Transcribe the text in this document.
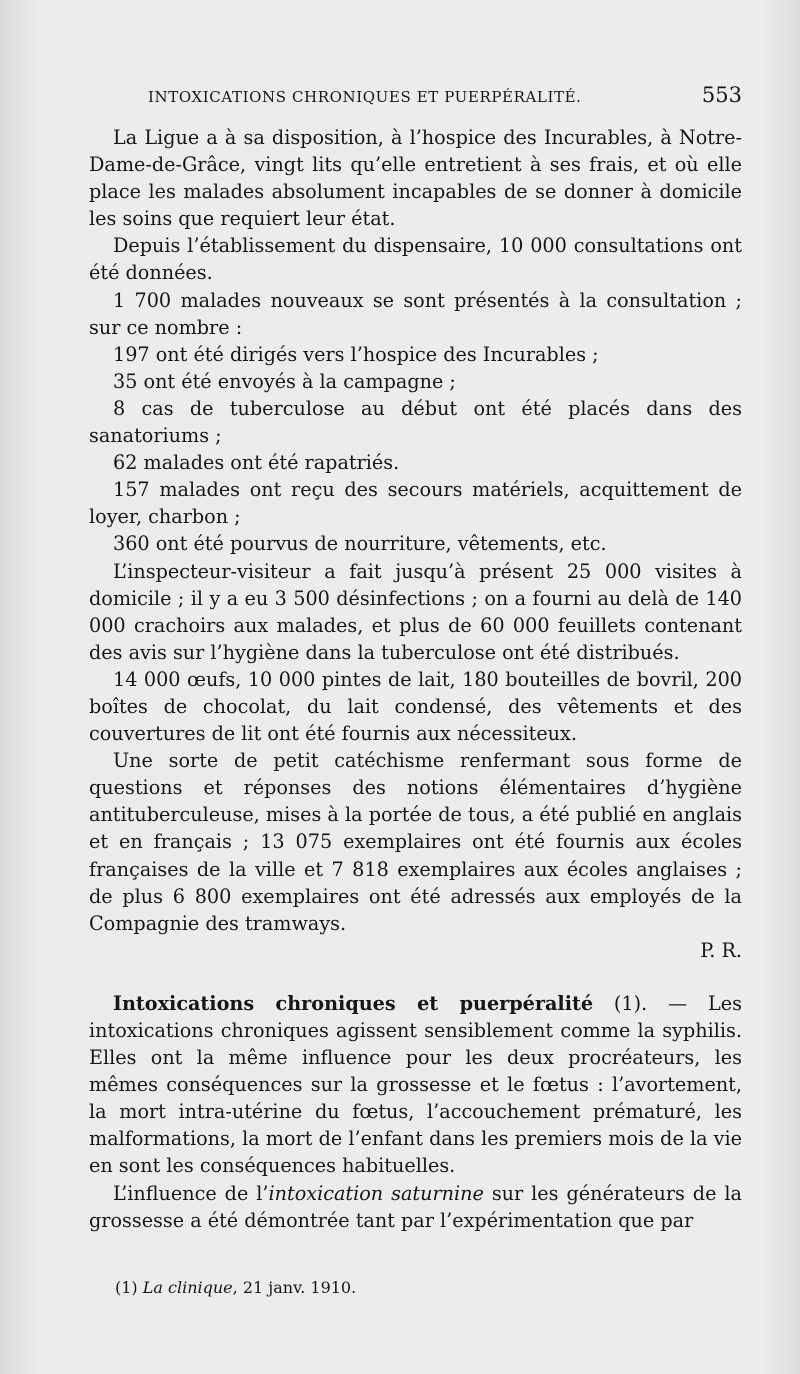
INTOXICATIONS CHRONIQUES ET PUERPÉRALITÉ.	553

La Ligue a à sa disposition, à l’hospice des Incurables, à Notre-Dame-de-Grâce, vingt lits qu’elle entretient à ses frais, et où elle place les malades absolument incapables de se donner à domicile les soins que requiert leur état.

Depuis l’établissement du dispensaire, 10 000 consultations ont été données.

1 700 malades nouveaux se sont présentés à la consultation ; sur ce nombre :

197 ont été dirigés vers l’hospice des Incurables ;

35 ont été envoyés à la campagne ;

8 cas de tuberculose au début ont été placés dans des sanatoriums ;

62 malades ont été rapatriés.

157 malades ont reçu des secours matériels, acquittement de loyer, charbon ;

360 ont été pourvus de nourriture, vêtements, etc.

L’inspecteur-visiteur a fait jusqu’à présent 25 000 visites à domicile ; il y a eu 3 500 désinfections ; on a fourni au delà de 140 000 crachoirs aux malades, et plus de 60 000 feuillets contenant des avis sur l’hygiène dans la tuberculose ont été distribués.

14 000 œufs, 10 000 pintes de lait, 180 bouteilles de bovril, 200 boîtes de chocolat, du lait condensé, des vêtements et des couvertures de lit ont été fournis aux nécessiteux.

Une sorte de petit catéchisme renfermant sous forme de questions et réponses des notions élémentaires d’hygiène antituberculeuse, mises à la portée de tous, a été publié en anglais et en français ; 13 075 exemplaires ont été fournis aux écoles françaises de la ville et 7 818 exemplaires aux écoles anglaises ; de plus 6 800 exemplaires ont été adressés aux employés de la Compagnie des tramways.

P. R.

Intoxications chroniques et puerpéralité (1). — Les intoxications chroniques agissent sensiblement comme la syphilis. Elles ont la même influence pour les deux procréateurs, les mêmes conséquences sur la grossesse et le fœtus : l’avortement, la mort intra-utérine du fœtus, l’accouchement prématuré, les malformations, la mort de l’enfant dans les premiers mois de la vie en sont les conséquences habituelles.

L’influence de l’intoxication saturnine sur les générateurs de la grossesse a été démontrée tant par l’expérimentation que par

(1) La clinique, 21 janv. 1910.
